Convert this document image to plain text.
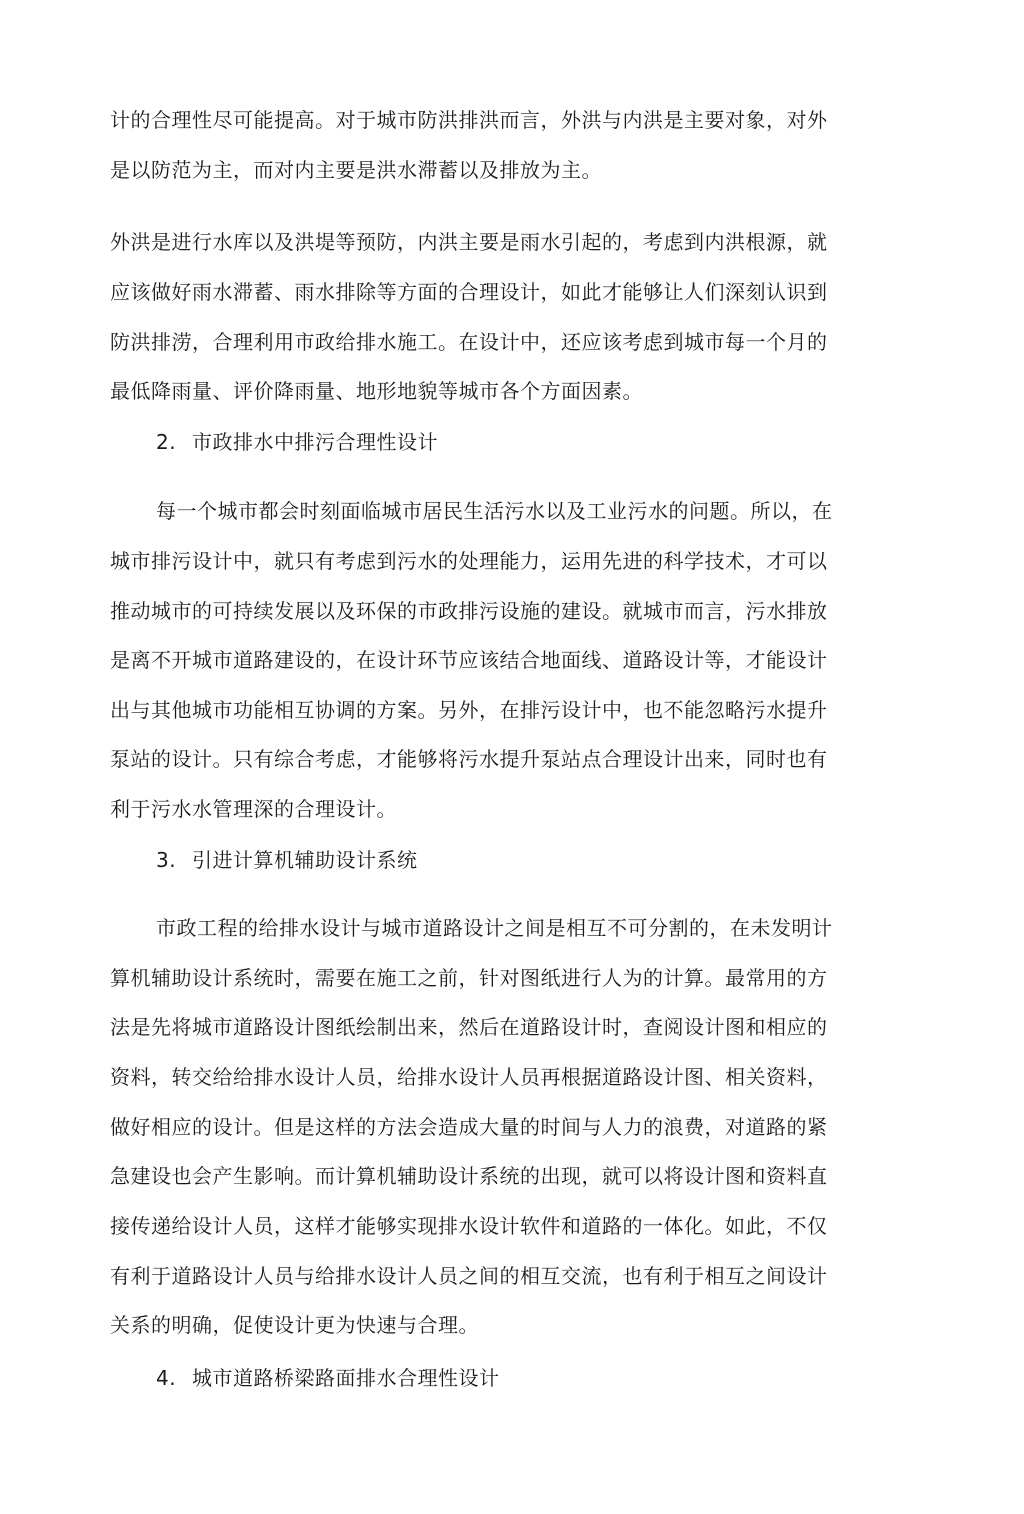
计的合理性尽可能提高。对于城市防洪排洪而言，外洪与内洪是主要对象，对外
是以防范为主，而对内主要是洪水滞蓄以及排放为主。
外洪是进行水库以及洪堤等预防，内洪主要是雨水引起的，考虑到内洪根源，就
应该做好雨水滞蓄、雨水排除等方面的合理设计，如此才能够让人们深刻认识到
防洪排涝，合理利用市政给排水施工。在设计中，还应该考虑到城市每一个月的
最低降雨量、评价降雨量、地形地貌等城市各个方面因素。
2. 市政排水中排污合理性设计
每一个城市都会时刻面临城市居民生活污水以及工业污水的问题。所以，在
城市排污设计中，就只有考虑到污水的处理能力，运用先进的科学技术，才可以
推动城市的可持续发展以及环保的市政排污设施的建设。就城市而言，污水排放
是离不开城市道路建设的，在设计环节应该结合地面线、道路设计等，才能设计
出与其他城市功能相互协调的方案。另外，在排污设计中，也不能忽略污水提升
泵站的设计。只有综合考虑，才能够将污水提升泵站点合理设计出来，同时也有
利于污水水管理深的合理设计。
3. 引进计算机辅助设计系统
市政工程的给排水设计与城市道路设计之间是相互不可分割的，在未发明计
算机辅助设计系统时，需要在施工之前，针对图纸进行人为的计算。最常用的方
法是先将城市道路设计图纸绘制出来，然后在道路设计时，查阅设计图和相应的
资料，转交给给排水设计人员，给排水设计人员再根据道路设计图、相关资料，
做好相应的设计。但是这样的方法会造成大量的时间与人力的浪费，对道路的紧
急建设也会产生影响。而计算机辅助设计系统的出现，就可以将设计图和资料直
接传递给设计人员，这样才能够实现排水设计软件和道路的一体化。如此，不仅
有利于道路设计人员与给排水设计人员之间的相互交流，也有利于相互之间设计
关系的明确，促使设计更为快速与合理。
4. 城市道路桥梁路面排水合理性设计
